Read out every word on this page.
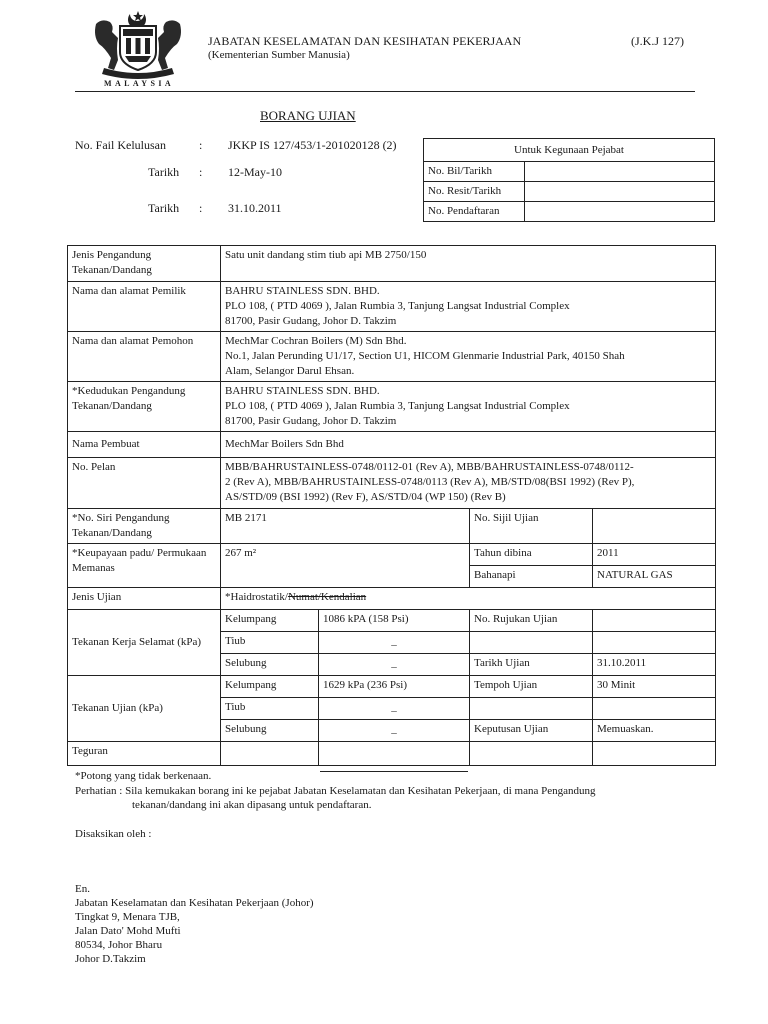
MALAYSIA
JABATAN KESELAMATAN DAN KESIHATAN PEKERJAAN
(Kementerian Sumber Manusia)
(J.K.J 127)
BORANG UJIAN
No. Fail Kelulusan	: JKKP IS 127/453/1-201020128 (2)
Tarikh : 12-May-10
Tarikh : 31.10.2011
Untuk Kegunaan Pejabat	
No. Bil/Tarikh	
No. Resit/Tarikh	
No. Pendaftaran	
Jenis Pengandung Tekanan/Dandang	Satu unit dandang stim tiub api MB 2750/150			
Nama dan alamat Pemilik	BAHRU STAINLESS SDN. BHD.
PLO 108, ( PTD 4069 ), Jalan Rumbia 3, Tanjung Langsat Industrial Complex
81700, Pasir Gudang, Johor D. Takzim			

Nama dan alamat Pemohon	MechMar Cochran Boilers (M) Sdn Bhd.
No.1, Jalan Perunding U1/17, Section U1, HICOM Glenmarie Industrial Park, 40150 Shah
Alam, Selangor Darul Ehsan.			

*Kedudukan Pengandung Tekanan/Dandang	BAHRU STAINLESS SDN. BHD.
PLO 108, ( PTD 4069 ), Jalan Rumbia 3, Tanjung Langsat Industrial Complex
81700, Pasir Gudang, Johor D. Takzim			

Nama Pembuat	MechMar Boilers Sdn Bhd			
No. Pelan	MBB/BAHRUSTAINLESS-0748/0112-01 (Rev A), MBB/BAHRUSTAINLESS-0748/0112-
2 (Rev A), MBB/BAHRUSTAINLESS-0748/0113 (Rev A), MB/STD/08(BSI 1992) (Rev P),
AS/STD/09 (BSI 1992) (Rev F), AS/STD/04 (WP 150) (Rev B)			

*No. Siri Pengandung Tekanan/Dandang	MB 2171		No. Sijil Ujian	
*Keupayaan padu/ Permukaan Memanas	267 m²		Tahun dibina	2011
			Bahanapi	NATURAL GAS
Jenis Ujian	*Haidrostatik/Numat/Kendalian			
Tekanan Kerja Selamat (kPa)	Kelumpang	1086 kPA (158 Psi)	No. Rujukan Ujian	
	Tiub	_		
	Selubung	_	Tarikh Ujian	31.10.2011
Tekanan Ujian (kPa)	Kelumpang	1629 kPa (236 Psi)	Tempoh Ujian	30 Minit
	Tiub	_		
	Selubung	_	Keputusan Ujian	Memuaskan.
Teguran				
*Potong yang tidak berkenaan.
Perhatian : Sila kemukakan borang ini ke pejabat Jabatan Keselamatan dan Kesihatan Pekerjaan, di mana Pengandung
tekanan/dandang ini akan dipasang untuk pendaftaran.
Disaksikan oleh :
En.
Jabatan Keselamatan dan Kesihatan Pekerjaan (Johor)
Tingkat 9, Menara TJB,
Jalan Dato' Mohd Mufti
80534, Johor Bharu
Johor D.Takzim
